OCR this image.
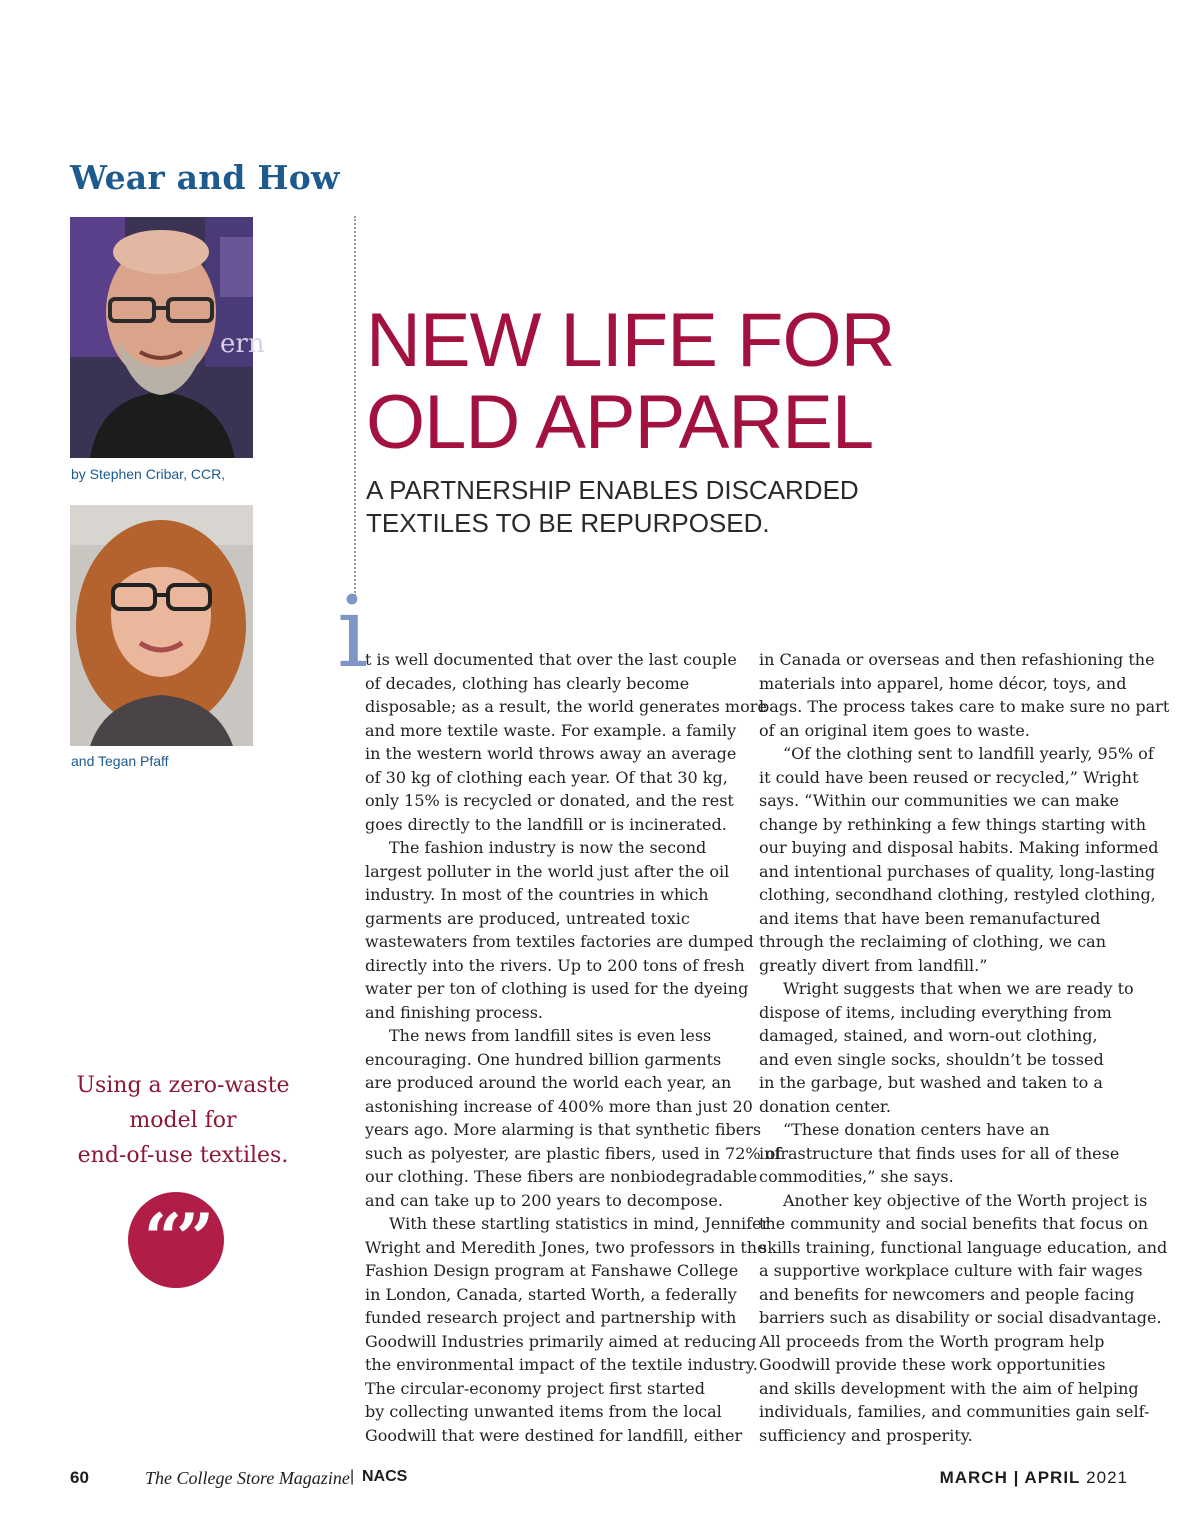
Wear and How
ern
by Stephen Cribar, CCR,
and Tegan Pfaff
NEW LIFE FOR
OLD APPAREL
A PARTNERSHIP ENABLES DISCARDED
TEXTILES TO BE REPURPOSED.
i
t is well documented that over the last couple
of decades, clothing has clearly become
disposable; as a result, the world generates more
and more textile waste. For example. a family
in the western world throws away an average
of 30 kg of clothing each year. Of that 30 kg,
only 15% is recycled or donated, and the rest
goes directly to the landfill or is incinerated.
The fashion industry is now the second
largest polluter in the world just after the oil
industry. In most of the countries in which
garments are produced, untreated toxic
wastewaters from textiles factories are dumped
directly into the rivers. Up to 200 tons of fresh
water per ton of clothing is used for the dyeing
and finishing process.
The news from landfill sites is even less
encouraging. One hundred billion garments
are produced around the world each year, an
astonishing increase of 400% more than just 20
years ago. More alarming is that synthetic fibers
such as polyester, are plastic fibers, used in 72% of
our clothing. These fibers are nonbiodegradable
and can take up to 200 years to decompose.
With these startling statistics in mind, Jennifer
Wright and Meredith Jones, two professors in the
Fashion Design program at Fanshawe College
in London, Canada, started Worth, a federally
funded research project and partnership with
Goodwill Industries primarily aimed at reducing
the environmental impact of the textile industry.
The circular-economy project first started
by collecting unwanted items from the local
Goodwill that were destined for landfill, either
in Canada or overseas and then refashioning the
materials into apparel, home décor, toys, and
bags. The process takes care to make sure no part
of an original item goes to waste.
“Of the clothing sent to landfill yearly, 95% of
it could have been reused or recycled,” Wright
says. “Within our communities we can make
change by rethinking a few things starting with
our buying and disposal habits. Making informed
and intentional purchases of quality, long-lasting
clothing, secondhand clothing, restyled clothing,
and items that have been remanufactured
through the reclaiming of clothing, we can
greatly divert from landfill.”
Wright suggests that when we are ready to
dispose of items, including everything from
damaged, stained, and worn-out clothing,
and even single socks, shouldn’t be tossed
in the garbage, but washed and taken to a
donation center.
“These donation centers have an
infrastructure that finds uses for all of these
commodities,” she says.
Another key objective of the Worth project is
the community and social benefits that focus on
skills training, functional language education, and
a supportive workplace culture with fair wages
and benefits for newcomers and people facing
barriers such as disability or social disadvantage.
All proceeds from the Worth program help
Goodwill provide these work opportunities
and skills development with the aim of helping
individuals, families, and communities gain self-
sufficiency and prosperity.
Using a zero-waste
model for
end-of-use textiles.
“”
60	The College Store Magazine | NACS	MARCH | APRIL 2021
